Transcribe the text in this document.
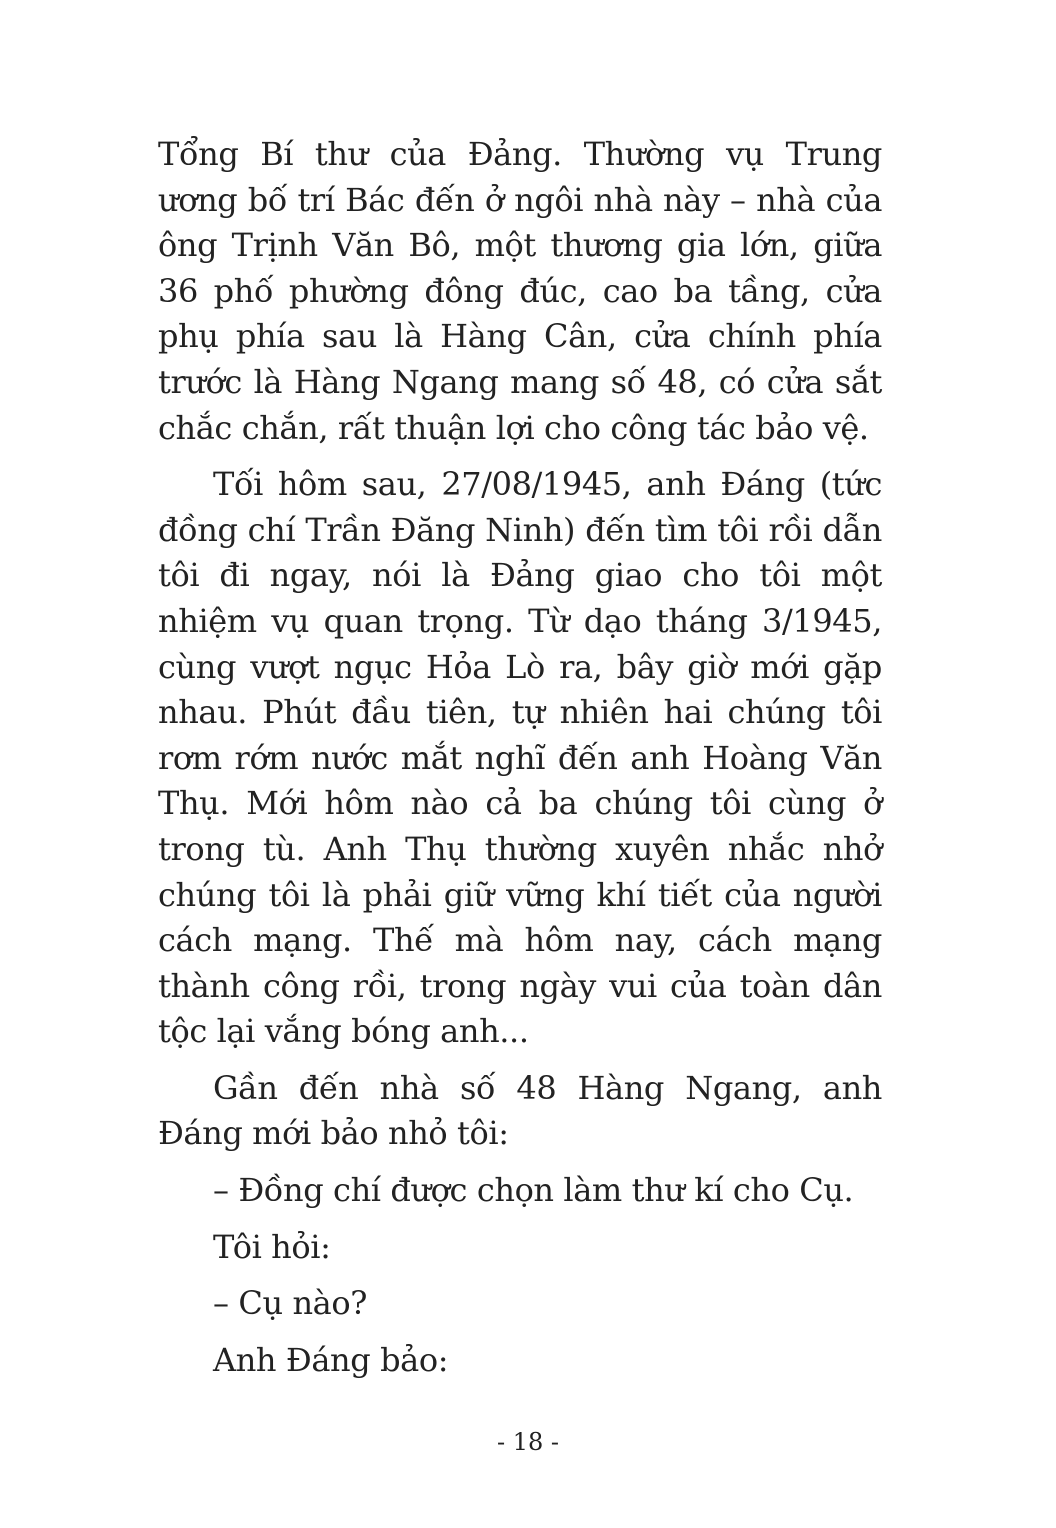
Tổng Bí thư của Đảng. Thường vụ Trung ương bố trí Bác đến ở ngôi nhà này – nhà của ông Trịnh Văn Bô, một thương gia lớn, giữa 36 phố phường đông đúc, cao ba tầng, cửa phụ phía sau là Hàng Cân, cửa chính phía trước là Hàng Ngang mang số 48, có cửa sắt chắc chắn, rất thuận lợi cho công tác bảo vệ.

Tối hôm sau, 27/08/1945, anh Đáng (tức đồng chí Trần Đăng Ninh) đến tìm tôi rồi dẫn tôi đi ngay, nói là Đảng giao cho tôi một nhiệm vụ quan trọng. Từ dạo tháng 3/1945, cùng vượt ngục Hỏa Lò ra, bây giờ mới gặp nhau. Phút đầu tiên, tự nhiên hai chúng tôi rơm rớm nước mắt nghĩ đến anh Hoàng Văn Thụ. Mới hôm nào cả ba chúng tôi cùng ở trong tù. Anh Thụ thường xuyên nhắc nhở chúng tôi là phải giữ vững khí tiết của người cách mạng. Thế mà hôm nay, cách mạng thành công rồi, trong ngày vui của toàn dân tộc lại vắng bóng anh...

Gần đến nhà số 48 Hàng Ngang, anh Đáng mới bảo nhỏ tôi:

– Đồng chí được chọn làm thư kí cho Cụ.

Tôi hỏi:

– Cụ nào?

Anh Đáng bảo:

- 18 -
